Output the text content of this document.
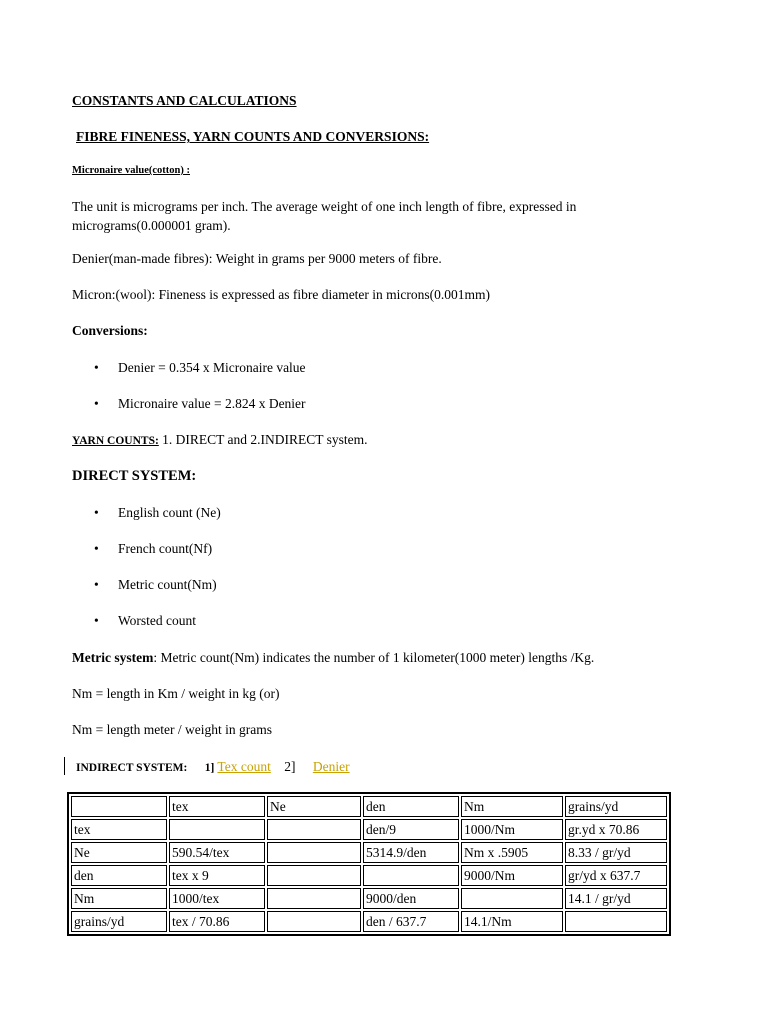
CONSTANTS AND CALCULATIONS
FIBRE FINENESS, YARN COUNTS AND CONVERSIONS:
Micronaire value(cotton) :
The unit is micrograms per inch. The average weight of one inch length of fibre, expressed in micrograms(0.000001 gram).
Denier(man-made fibres): Weight in grams per 9000 meters of fibre.
Micron:(wool): Fineness is expressed as fibre diameter in microns(0.001mm)
Conversions:
• Denier = 0.354 x Micronaire value
• Micronaire value = 2.824 x Denier
YARN COUNTS: 1. DIRECT and 2.INDIRECT system.
DIRECT SYSTEM:
• English count (Ne)
• French count(Nf)
• Metric count(Nm)
• Worsted count
Metric system: Metric count(Nm) indicates the number of 1 kilometer(1000 meter) lengths /Kg.
Nm = length in Km / weight in kg (or)
Nm = length meter / weight in grams
INDIRECT SYSTEM: 1] Tex count 2] Denier
	tex	Ne	den	Nm	grains/yd
tex			den/9	1000/Nm	gr.yd x 70.86
Ne	590.54/tex		5314.9/den	Nm x .5905	8.33 / gr/yd
den	tex x 9			9000/Nm	gr/yd x 637.7
Nm	1000/tex		9000/den		14.1 / gr/yd
grains/yd	tex / 70.86		den / 637.7	14.1/Nm	
